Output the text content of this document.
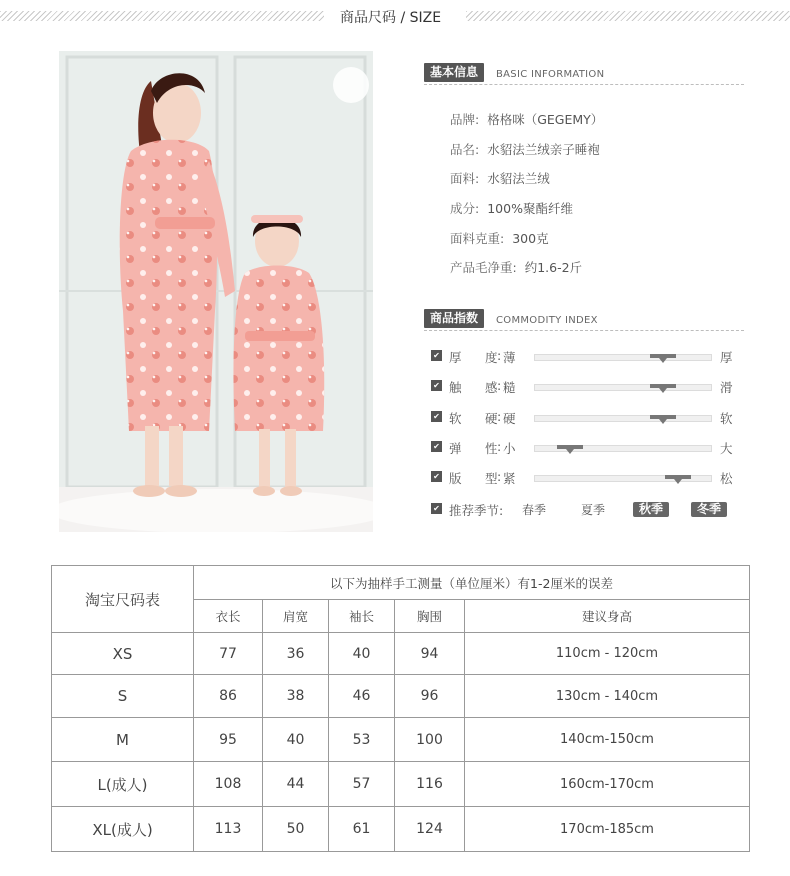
商品尺码 / SIZE
基本信息	BASIC INFORMATION
品牌: 格格咪（GEGEMY）
品名: 水貂法兰绒亲子睡袍
面料: 水貂法兰绒
成分: 100%聚酯纤维
面料克重: 300克
产品毛净重: 约1.6-2斤
商品指数	COMMODITY INDEX
✔ 厚 度 : 薄	厚
✔ 触 感 : 糙	滑
✔ 软 硬 : 硬	软
✔ 弹 性 : 小	大
✔ 版 型 : 紧	松
✔ 推荐季节: 春季	夏季	秋季	冬季
淘宝尺码表	以下为抽样手工测量（单位厘米）有1-2厘米的误差				
	衣长	肩宽	袖长	胸围	建议身高
XS	77	36	40	94	110cm - 120cm
S	86	38	46	96	130cm - 140cm
M	95	40	53	100	140cm-150cm
L(成人)	108	44	57	116	160cm-170cm
XL(成人)	113	50	61	124	170cm-185cm
